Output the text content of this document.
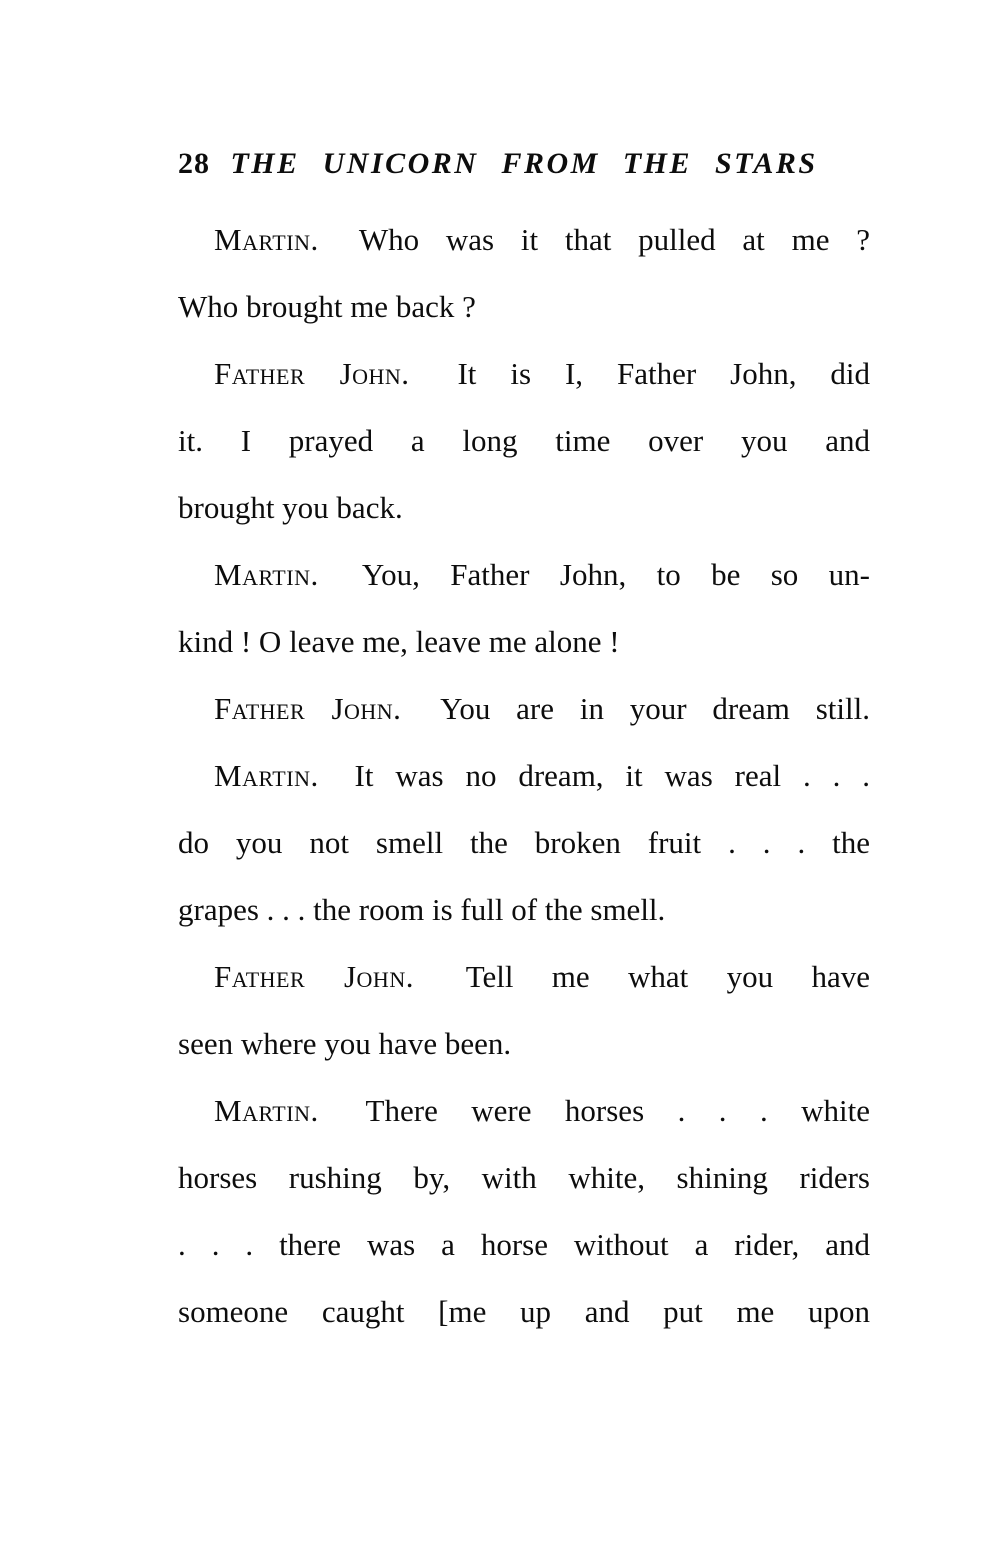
28 THE UNICORN FROM THE STARS
Martin. Who was it that pulled at me ?
Who brought me back ?
Father John. It is I, Father John, did
it. I prayed a long time over you and
brought you back.
Martin. You, Father John, to be so un-
kind ! O leave me, leave me alone !
Father John. You are in your dream still.
Martin. It was no dream, it was real . . .
do you not smell the broken fruit . . . the
grapes . . . the room is full of the smell.
Father John. Tell me what you have
seen where you have been.
Martin. There were horses . . . white
horses rushing by, with white, shining riders
. . . there was a horse without a rider, and
someone caught [me up and put me upon
